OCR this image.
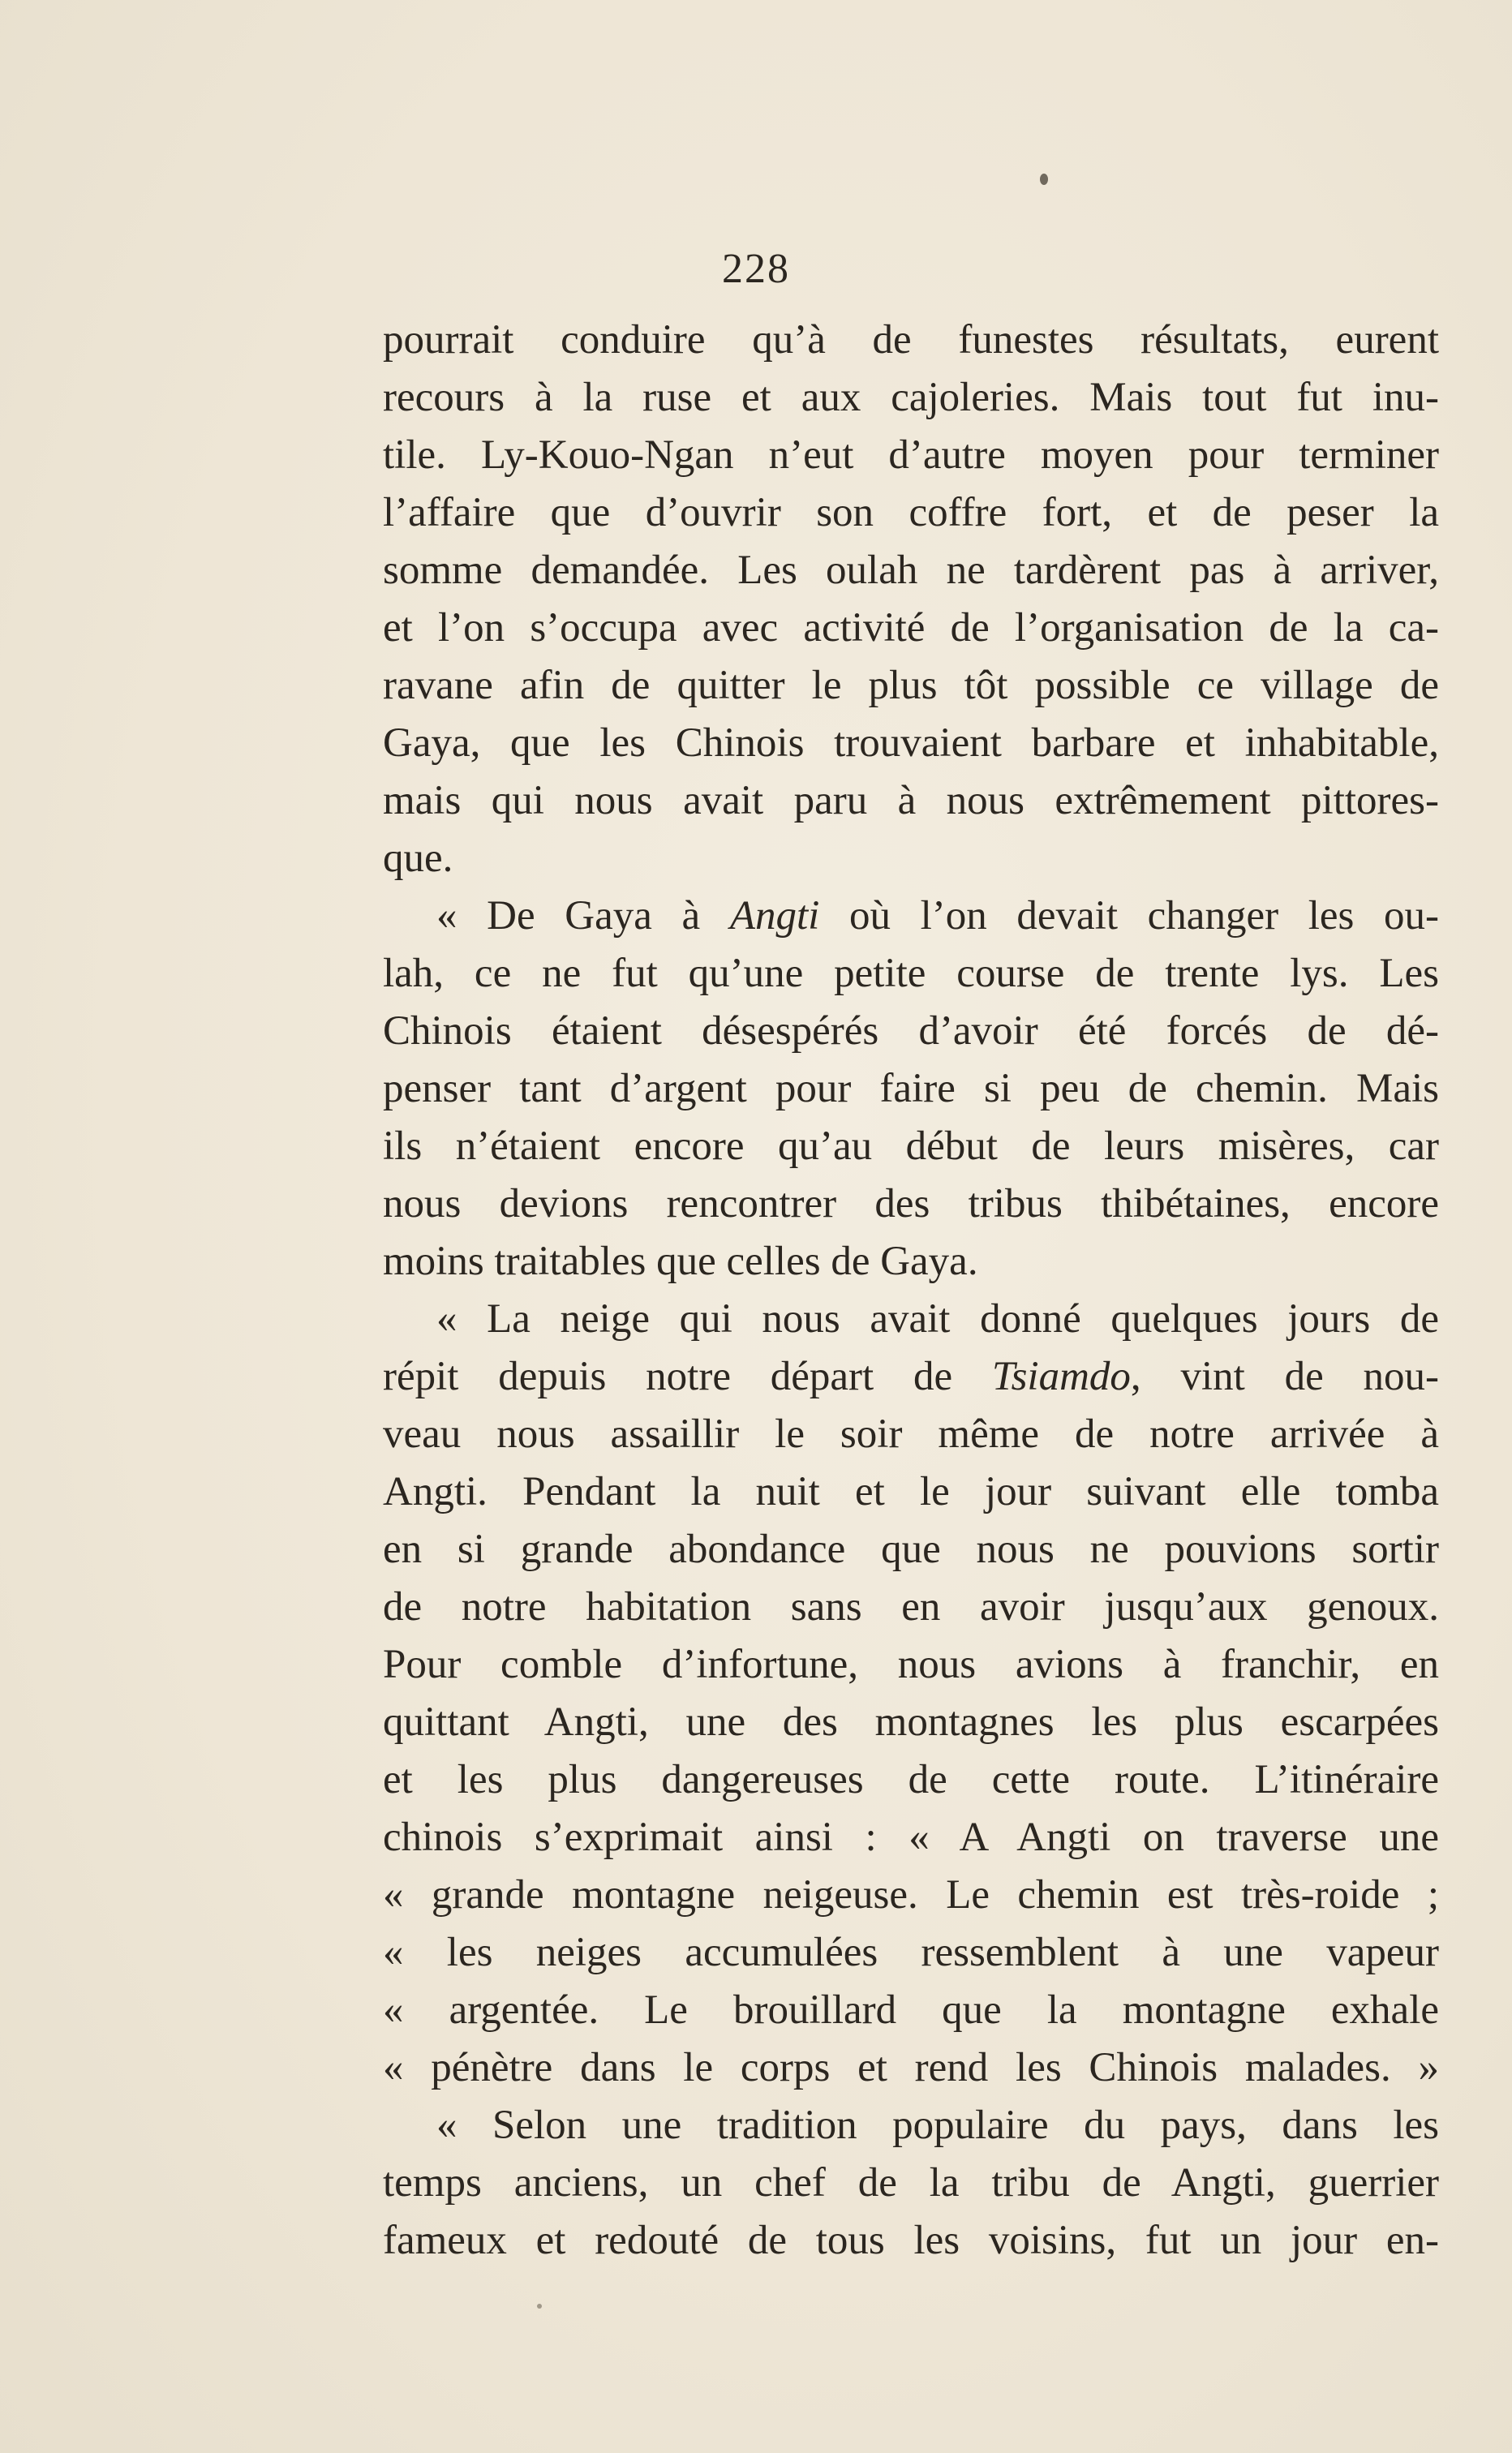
228
pourrait conduire qu’à de funestes résultats, eurent
recours à la ruse et aux cajoleries. Mais tout fut inu-
tile. Ly-Kouo-Ngan n’eut d’autre moyen pour terminer
l’affaire que d’ouvrir son coffre fort, et de peser la
somme demandée. Les oulah ne tardèrent pas à arriver,
et l’on s’occupa avec activité de l’organisation de la ca-
ravane afin de quitter le plus tôt possible ce village de
Gaya, que les Chinois trouvaient barbare et inhabitable,
mais qui nous avait paru à nous extrêmement pittores-
que.
« De Gaya à Angti où l’on devait changer les ou-
lah, ce ne fut qu’une petite course de trente lys. Les
Chinois étaient désespérés d’avoir été forcés de dé-
penser tant d’argent pour faire si peu de chemin. Mais
ils n’étaient encore qu’au début de leurs misères, car
nous devions rencontrer des tribus thibétaines, encore
moins traitables que celles de Gaya.
« La neige qui nous avait donné quelques jours de
répit depuis notre départ de Tsiamdo, vint de nou-
veau nous assaillir le soir même de notre arrivée à
Angti. Pendant la nuit et le jour suivant elle tomba
en si grande abondance que nous ne pouvions sortir
de notre habitation sans en avoir jusqu’aux genoux.
Pour comble d’infortune, nous avions à franchir, en
quittant Angti, une des montagnes les plus escarpées
et les plus dangereuses de cette route. L’itinéraire
chinois s’exprimait ainsi : « A Angti on traverse une
« grande montagne neigeuse. Le chemin est très-roide ;
« les neiges accumulées ressemblent à une vapeur
« argentée. Le brouillard que la montagne exhale
« pénètre dans le corps et rend les Chinois malades. »
« Selon une tradition populaire du pays, dans les
temps anciens, un chef de la tribu de Angti, guerrier
fameux et redouté de tous les voisins, fut un jour en-
